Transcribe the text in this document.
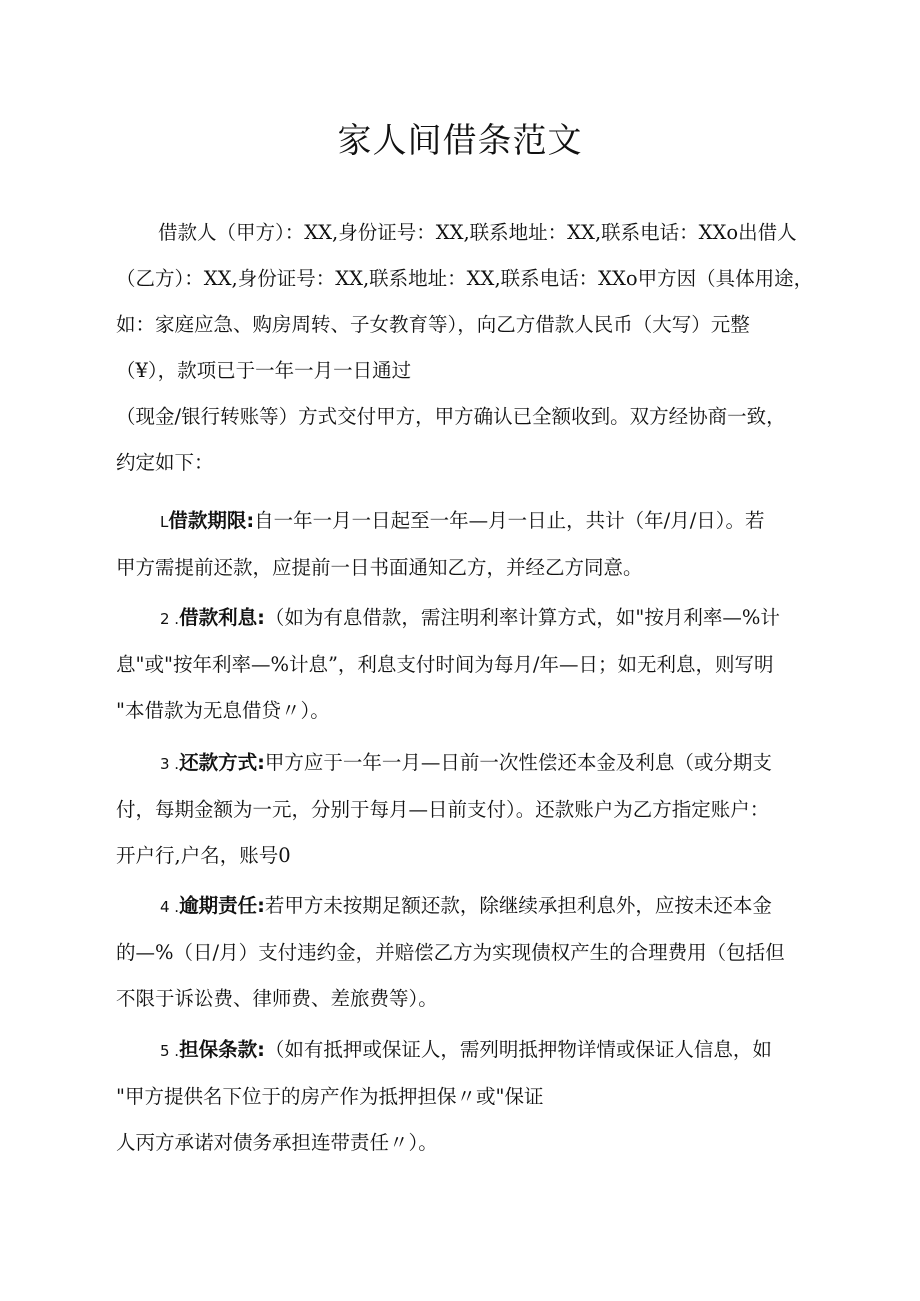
家人间借条范文
借款人（甲方）：XX,身份证号：XX,联系地址：XX,联系电话：XXo出借人
（乙方）：XX,身份证号：XX,联系地址：XX,联系电话：XXo甲方因（具体用途，
如：家庭应急、购房周转、子女教育等），向乙方借款人民币（大写）元整
（¥），款项已于一年一月一日通过
（现金/银行转账等）方式交付甲方，甲方确认已全额收到。双方经协商一致，
约定如下：
L借款期限:自一年一月一日起至一年—月一日止，共计（年/月/日）。若
甲方需提前还款，应提前一日书面通知乙方，并经乙方同意。
2 .借款利息:（如为有息借款，需注明利率计算方式，如"按月利率—%计
息"或"按年利率—%计息”，利息支付时间为每月/年—日；如无利息，则写明
"本借款为无息借贷〃）。
3 .还款方式:甲方应于一年一月—日前一次性偿还本金及利息（或分期支
付，每期金额为一元，分别于每月—日前支付）。还款账户为乙方指定账户：
开户行,户名，账号0
4 .逾期责任:若甲方未按期足额还款，除继续承担利息外，应按未还本金
的—%（日/月）支付违约金，并赔偿乙方为实现债权产生的合理费用（包括但
不限于诉讼费、律师费、差旅费等）。
5 .担保条款:（如有抵押或保证人，需列明抵押物详情或保证人信息，如
"甲方提供名下位于的房产作为抵押担保〃或"保证
人丙方承诺对债务承担连带责任〃）。
